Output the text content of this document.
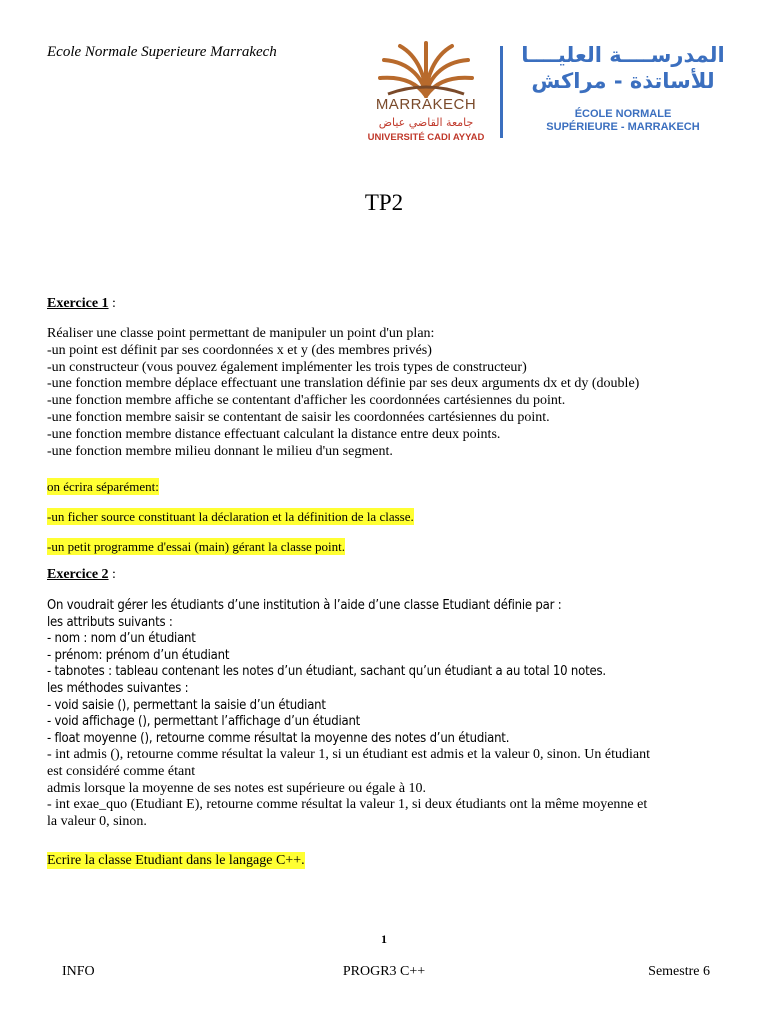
Ecole Normale Superieure Marrakech
MARRAKECH
جامعة القاضي عياض
UNIVERSITÉ CADI AYYAD
المدرســــة العليــــا
للأساتذة - مراكش
ÉCOLE NORMALE
SUPÉRIEURE - MARRAKECH
TP2
Exercice 1 :
Réaliser une classe point permettant de manipuler un point d'un plan:
-un point est définit par ses coordonnées x et y (des membres privés)
-un constructeur (vous pouvez également implémenter les trois types de constructeur)
-une fonction membre déplace effectuant une translation définie par ses deux arguments dx et dy (double)
-une fonction membre affiche se contentant d'afficher les coordonnées cartésiennes du point.
-une fonction membre saisir se contentant de saisir les coordonnées cartésiennes du point.
-une fonction membre distance effectuant calculant la distance entre deux points.
-une fonction membre milieu donnant le milieu d'un segment.
on écrira séparément:
-un ficher source constituant la déclaration et la définition de la classe.
-un petit programme d'essai (main) gérant la classe point.
Exercice 2 :
On voudrait gérer les étudiants d’une institution à l’aide d’une classe Etudiant définie par :
les attributs suivants :
- nom : nom d’un étudiant
- prénom: prénom d’un étudiant
- tabnotes : tableau contenant les notes d’un étudiant, sachant qu’un étudiant a au total 10 notes.
les méthodes suivantes :
- void saisie (), permettant la saisie d’un étudiant
- void affichage (), permettant l’affichage d’un étudiant
- float moyenne (), retourne comme résultat la moyenne des notes d’un étudiant.
- int admis (), retourne comme résultat la valeur 1, si un étudiant est admis et la valeur 0, sinon. Un étudiant
est considéré comme étant
admis lorsque la moyenne de ses notes est supérieure ou égale à 10.
- int exae_quo (Etudiant E), retourne comme résultat la valeur 1, si deux étudiants ont la même moyenne et
la valeur 0, sinon.
Ecrire la classe Etudiant dans le langage C++.
1
INFO	PROGR3 C++	Semestre 6
